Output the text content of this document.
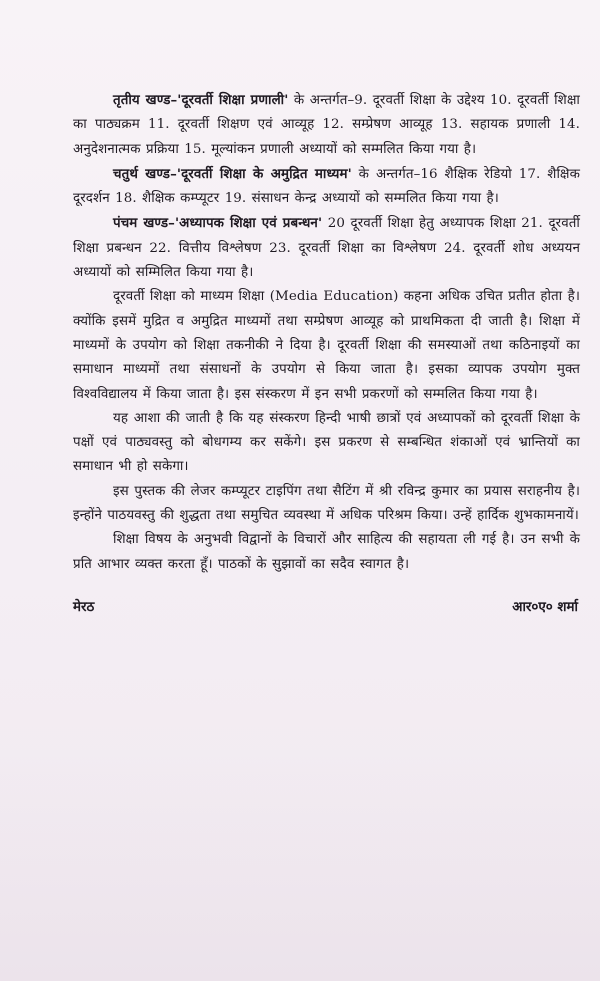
तृतीय खण्ड–'दूरवर्ती शिक्षा प्रणाली' के अन्तर्गत–9. दूरवर्ती शिक्षा के उद्देश्य 10. दूरवर्ती शिक्षा का पाठ्यक्रम 11. दूरवर्ती शिक्षण एवं आव्यूह 12. सम्प्रेषण आव्यूह 13. सहायक प्रणाली 14. अनुदेशनात्मक प्रक्रिया 15. मूल्यांकन प्रणाली अध्यायों को सम्मलित किया गया है।

चतुर्थ खण्ड–'दूरवर्ती शिक्षा के अमुद्रित माध्यम' के अन्तर्गत–16 शैक्षिक रेडियो 17. शैक्षिक दूरदर्शन 18. शैक्षिक कम्प्यूटर 19. संसाधन केन्द्र अध्यायों को सम्मलित किया गया है।

पंचम खण्ड–'अध्यापक शिक्षा एवं प्रबन्धन' 20 दूरवर्ती शिक्षा हेतु अध्यापक शिक्षा 21. दूरवर्ती शिक्षा प्रबन्धन 22. वित्तीय विश्लेषण 23. दूरवर्ती शिक्षा का विश्लेषण 24. दूरवर्ती शोध अध्ययन अध्यायों को सम्मिलित किया गया है।

दूरवर्ती शिक्षा को माध्यम शिक्षा (Media Education) कहना अधिक उचित प्रतीत होता है। क्योंकि इसमें मुद्रित व अमुद्रित माध्यमों तथा सम्प्रेषण आव्यूह को प्राथमिकता दी जाती है। शिक्षा में माध्यमों के उपयोग को शिक्षा तकनीकी ने दिया है। दूरवर्ती शिक्षा की समस्याओं तथा कठिनाइयों का समाधान माध्यमों तथा संसाधनों के उपयोग से किया जाता है। इसका व्यापक उपयोग मुक्त विश्वविद्यालय में किया जाता है। इस संस्करण में इन सभी प्रकरणों को सम्मलित किया गया है।

यह आशा की जाती है कि यह संस्करण हिन्दी भाषी छात्रों एवं अध्यापकों को दूरवर्ती शिक्षा के पक्षों एवं पाठ्यवस्तु को बोधगम्य कर सकेंगे। इस प्रकरण से सम्बन्धित शंकाओं एवं भ्रान्तियों का समाधान भी हो सकेगा।

इस पुस्तक की लेजर कम्प्यूटर टाइपिंग तथा सैटिंग में श्री रविन्द्र कुमार का प्रयास सराहनीय है। इन्होंने पाठयवस्तु की शुद्धता तथा समुचित व्यवस्था में अधिक परिश्रम किया। उन्हें हार्दिक शुभकामनायें।

शिक्षा विषय के अनुभवी विद्वानों के विचारों और साहित्य की सहायता ली गई है। उन सभी के प्रति आभार व्यक्त करता हूँ। पाठकों के सुझावों का सदैव स्वागत है।

मेरठ	आर०ए० शर्मा
